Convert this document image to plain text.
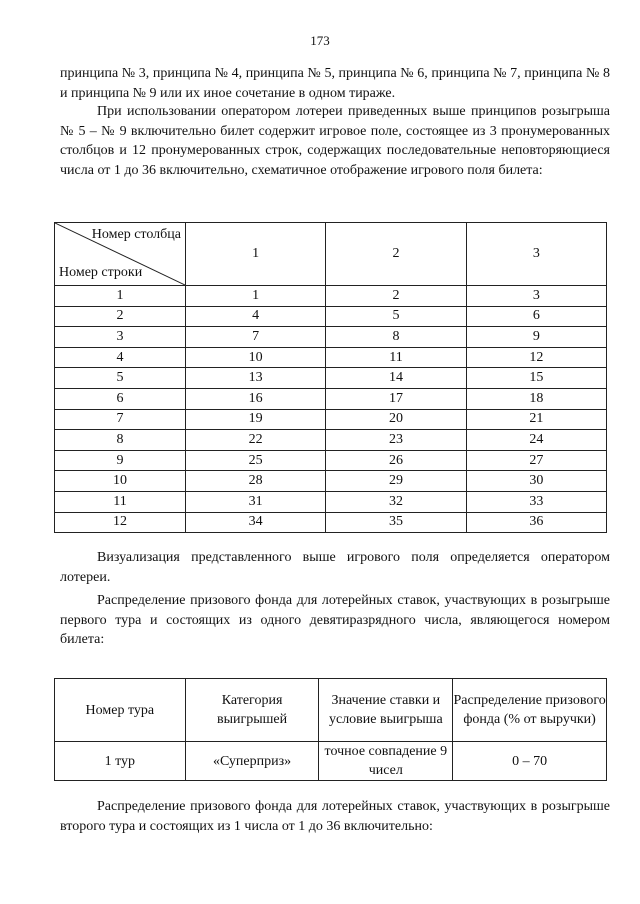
173

принципа № 3, принципа № 4, принципа № 5, принципа № 6, принципа № 7, принципа № 8 и принципа № 9 или их иное сочетание в одном тираже.

При использовании оператором лотереи приведенных выше принципов розыгрыша № 5 – № 9 включительно билет содержит игровое поле, состоящее из 3 пронумерованных столбцов и 12 пронумерованных строк, содержащих последовательные неповторяющиеся числа от 1 до 36 включительно, схематичное отображение игрового поля билета:

Номер столбца
Номер строки	1	2	3
1	1	2	3
2	4	5	6
3	7	8	9
4	10	11	12
5	13	14	15
6	16	17	18
7	19	20	21
8	22	23	24
9	25	26	27
10	28	29	30
11	31	32	33
12	34	35	36

Визуализация представленного выше игрового поля определяется оператором лотереи.

Распределение призового фонда для лотерейных ставок, участвующих в розыгрыше первого тура и состоящих из одного девятиразрядного числа, являющегося номером билета:

Номер тура	Категория выигрышей	Значение ставки и условие выигрыша	Распределение призового фонда (% от выручки)
1 тур	«Суперприз»	точное совпадение 9 чисел	0 – 70

Распределение призового фонда для лотерейных ставок, участвующих в розыгрыше второго тура и состоящих из 1 числа от 1 до 36 включительно:
